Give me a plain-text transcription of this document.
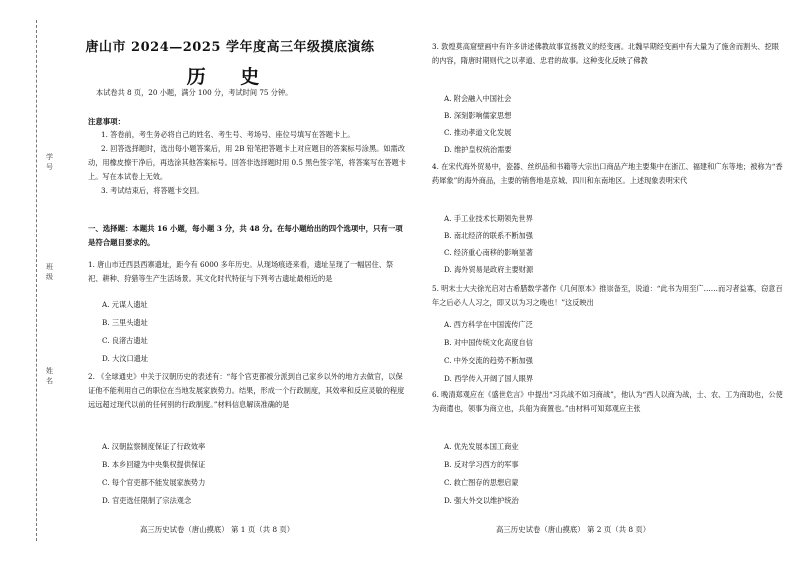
学 号
班 级
姓 名
唐山市 2024—2025 学年度高三年级摸底演练
历 史
本试卷共 8 页，20 小题，满分 100 分，考试时间 75 分钟。
注意事项：
1. 答卷前，考生务必将自己的姓名、考生号、考场号、座位号填写在答题卡上。
2. 回答选择题时，选出每小题答案后，用 2B 铅笔把答题卡上对应题目的答案标号涂黑。如需改动，用橡皮擦干净后，再选涂其他答案标号。回答非选择题时用 0.5 黑色签字笔，将答案写在答题卡上。写在本试卷上无效。
3. 考试结束后，将答题卡交回。
一、选择题：本题共 16 小题，每小题 3 分，共 48 分。在每小题给出的四个选项中，只有一项是符合题目要求的。
1. 唐山市迁西县西寨遗址，距今有 6000 多年历史。从现场痕迹来看，遗址呈现了一幅居住、祭祀、耕种、狩猎等生产生活场景。其文化时代特征与下列考古遗址最相近的是
A. 元谋人遗址
B. 三里头遗址
C. 良渚古遗址
D. 大汶口遗址
2. 《全球通史》中关于汉朝历史的表述有：“每个官吏都被分派到自己家乡以外的地方去做官，以保证他不能利用自己的职位在当地发展家族势力。结果，形成一个行政制度，其效率和反应灵敏的程度远远超过现代以前的任何别的行政制度。”材料信息解读准确的是
A. 汉朝监察制度保证了行政效率
B. 本乡回避为中央集权提供保证
C. 每个官吏都不能发展家族势力
D. 官吏选任限制了宗法观念
高三历史试卷（唐山摸底） 第 1 页（共 8 页）
3. 敦煌莫高窟壁画中有许多讲述佛教故事宣扬教义的经变画。北魏早期经变画中有大量为了施舍而割头、挖眼的内容，隋唐时期则代之以孝道、忠君的故事。这种变化反映了佛教
A. 附会融入中国社会
B. 深刻影响儒家思想
C. 推动孝道文化发展
D. 维护皇权统治需要
4. 在宋代海外贸易中，瓷器、丝织品和书籍等大宗出口商品产地主要集中在浙江、福建和广东等地；被称为“香药犀象”的海外商品，主要的销售地是京城、四川和东南地区。上述现象表明宋代
A. 手工业技术长期领先世界
B. 南北经济的联系不断加强
C. 经济重心南移的影响显著
D. 海外贸易是政府主要财源
5. 明末士大夫徐光启对古希腊数学著作《几何原本》推崇备至，说道：“此书为用至广……而习者益寡，窃意百年之后必人人习之，即又以为习之晚也！”这反映出
A. 西方科学在中国流传广泛
B. 对中国传统文化高度自信
C. 中外交流的趋势不断加强
D. 西学传入开阔了国人眼界
6. 晚清郑观应在《盛世危言》中提出“习兵战不如习商战”，他认为“西人以商为战，士、农、工为商助也，公使为商遣也，领事为商立也，兵船为商置也。”由材料可知郑观应主张
A. 优先发展本国工商业
B. 反对学习西方的军事
C. 救亡图存的思想启蒙
D. 强大外交以维护统治
高三历史试卷（唐山摸底） 第 2 页（共 8 页）
